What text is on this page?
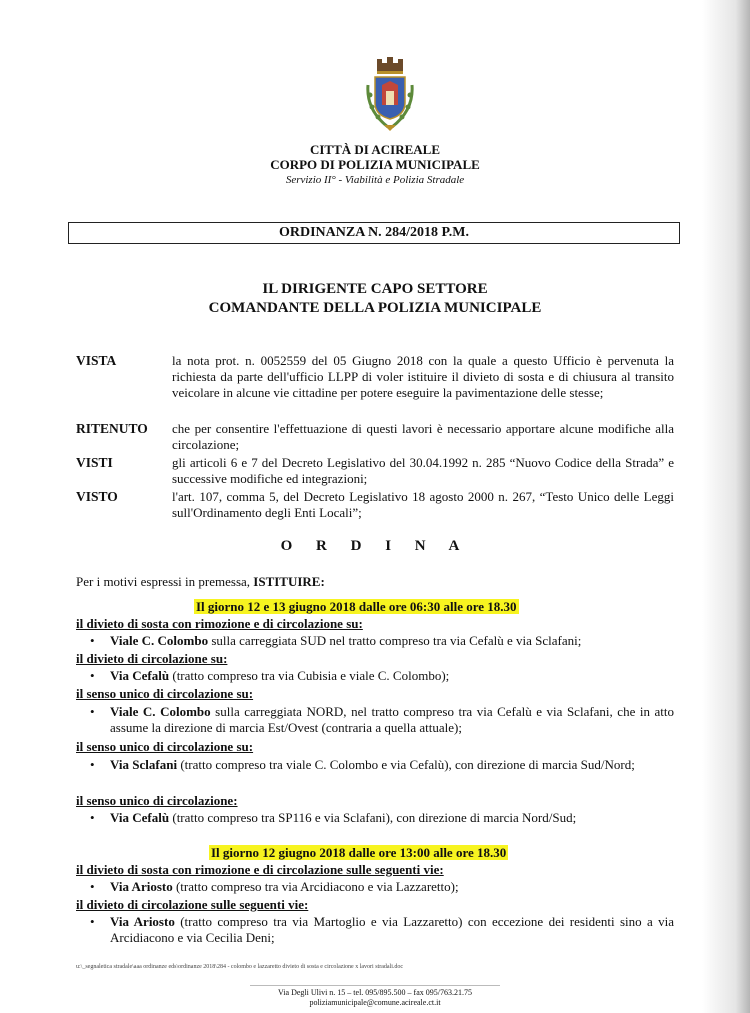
CITTÀ DI ACIREALE
CORPO DI POLIZIA MUNICIPALE
Servizio II° - Viabilità e Polizia Stradale
ORDINANZA N. 284/2018 P.M.
IL DIRIGENTE CAPO SETTORE
COMANDANTE DELLA POLIZIA MUNICIPALE
VISTA	la nota prot. n. 0052559 del 05 Giugno 2018 con la quale a questo Ufficio è pervenuta la richiesta da parte dell'ufficio LLPP di voler istituire il divieto di sosta e di chiusura al transito veicolare in alcune vie cittadine per potere eseguire la pavimentazione delle stesse;
RITENUTO che per consentire l'effettuazione di questi lavori è necessario apportare alcune modifiche alla circolazione;
VISTI	gli articoli 6 e 7 del Decreto Legislativo del 30.04.1992 n. 285 “Nuovo Codice della Strada” e successive modifiche ed integrazioni;
VISTO	l'art. 107, comma 5, del Decreto Legislativo 18 agosto 2000 n. 267, “Testo Unico delle Leggi sull'Ordinamento degli Enti Locali”;
O R D I N A
Per i motivi espressi in premessa, ISTITUIRE:
Il giorno 12 e 13 giugno 2018 dalle ore 06:30 alle ore 18.30
il divieto di sosta con rimozione e di circolazione su:
• Viale C. Colombo sulla carreggiata SUD nel tratto compreso tra via Cefalù e via Sclafani;
il divieto di circolazione su:
• Via Cefalù (tratto compreso tra via Cubisia e viale C. Colombo);
il senso unico di circolazione su:
• Viale C. Colombo sulla carreggiata NORD, nel tratto compreso tra via Cefalù e via Sclafani, che in atto assume la direzione di marcia Est/Ovest (contraria a quella attuale);
il senso unico di circolazione su:
• Via Sclafani (tratto compreso tra viale C. Colombo e via Cefalù), con direzione di marcia Sud/Nord;
il senso unico di circolazione:
• Via Cefalù (tratto compreso tra SP116 e via Sclafani), con direzione di marcia Nord/Sud;
Il giorno 12 giugno 2018 dalle ore 13:00 alle ore 18.30
il divieto di sosta con rimozione e di circolazione sulle seguenti vie:
• Via Ariosto (tratto compreso tra via Arcidiacono e via Lazzaretto);
il divieto di circolazione sulle seguenti vie:
• Via Ariosto (tratto compreso tra via Martoglio e via Lazzaretto) con eccezione dei residenti sino a via Arcidiacono e via Cecilia Deni;
u:\_segnaletica stradale\aaa ordinanze eds\ordinanze 2018\284 - colombo e lazzaretto divieto di sosta e circolazione x lavori stradali.doc
Via Degli Ulivi n. 15 – tel. 095/895.500 – fax 095/763.21.75
poliziamunicipale@comune.acireale.ct.it
